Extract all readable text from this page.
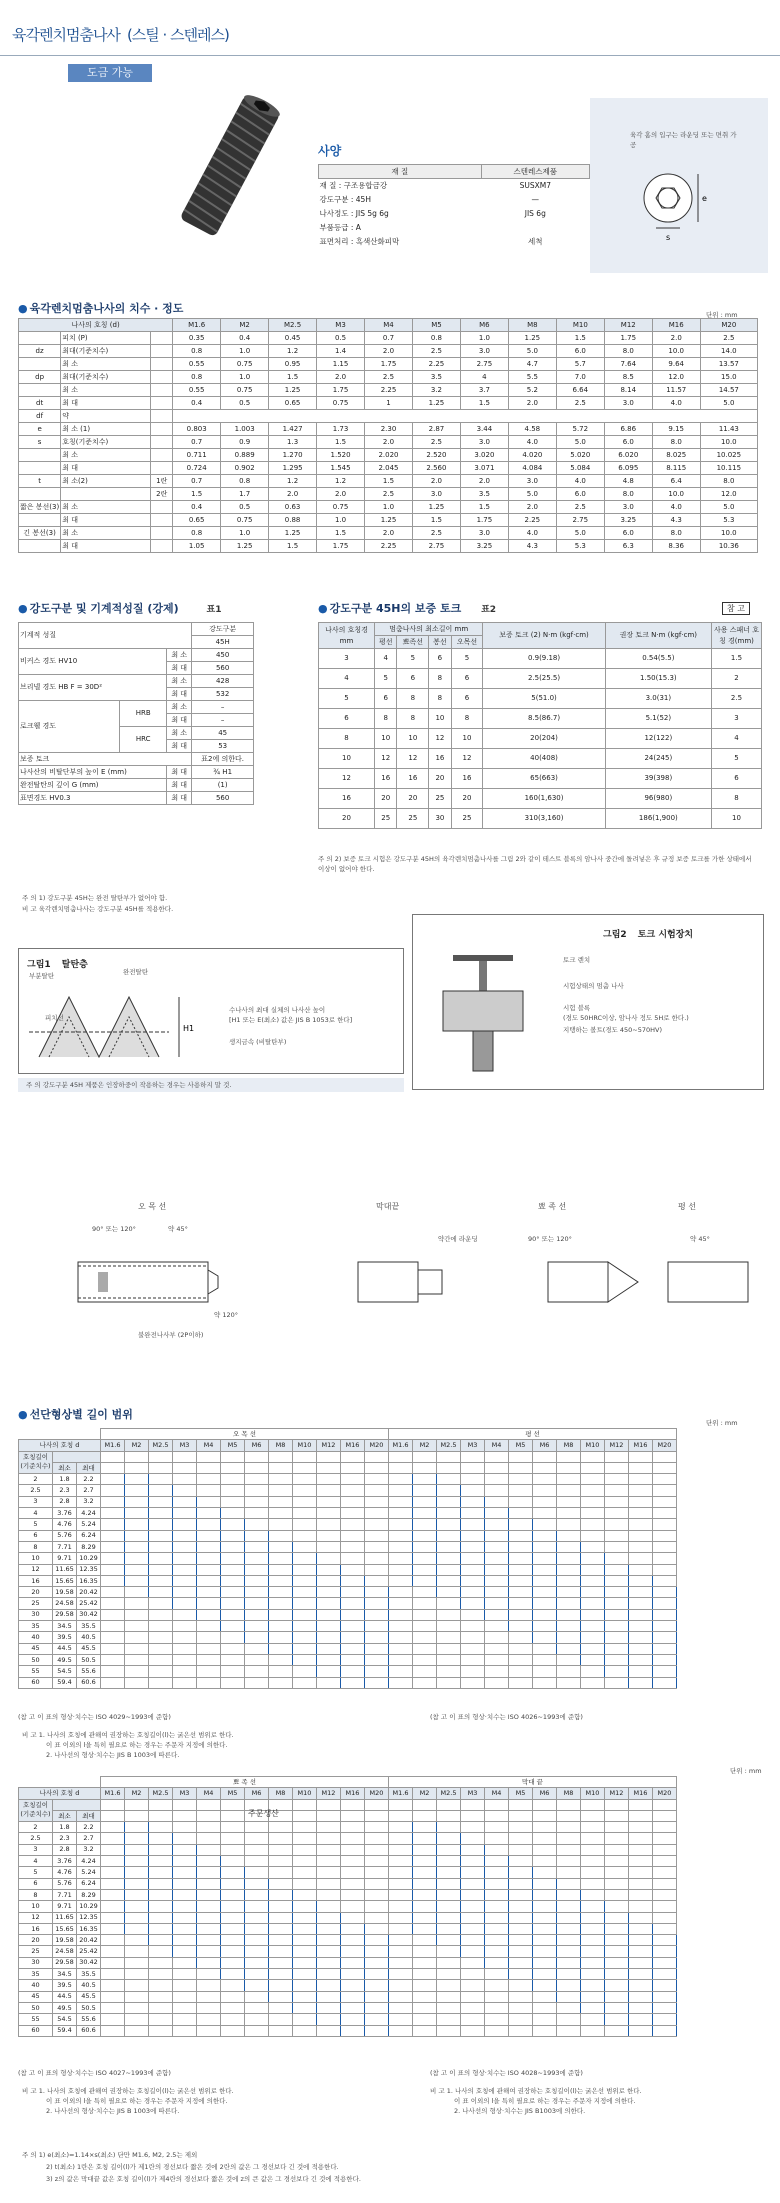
육각렌치멈춤나사 (스틸 · 스텐레스)
도금 가능
사양
재 질	스텐레스제품
재 질 : 구조용합금강	SUSXM7
강도구분 : 45H	—
나사정도 : JIS 5g 6g	JIS 6g
부품등급 : A	
표면처리 : 흑색산화피막	세척
육각 홈의 입구는 라운딩 또는 면취 가공
s
e
● 육각렌치멈춤나사의 치수 · 정도	단위 : mm
나사의 호칭 (d)			M1.6	M2	M2.5	M3	M4	M5	M6	M8	M10	M12	M16	M20
	피치 (P)		0.35	0.4	0.45	0.5	0.7	0.8	1.0	1.25	1.5	1.75	2.0	2.5
dz	최대(기준치수)		0.8	1.0	1.2	1.4	2.0	2.5	3.0	5.0	6.0	8.0	10.0	14.0
	최 소		0.55	0.75	0.95	1.15	1.75	2.25	2.75	4.7	5.7	7.64	9.64	13.57
dp	최대(기준치수)		0.8	1.0	1.5	2.0	2.5	3.5	4	5.5	7.0	8.5	12.0	15.0
	최 소		0.55	0.75	1.25	1.75	2.25	3.2	3.7	5.2	6.64	8.14	11.57	14.57
dt	최 대		0.4	0.5	0.65	0.75	1	1.25	1.5	2.0	2.5	3.0	4.0	5.0
df	약													
e	최 소 (1)		0.803	1.003	1.427	1.73	2.30	2.87	3.44	4.58	5.72	6.86	9.15	11.43
s	호칭(기준치수)		0.7	0.9	1.3	1.5	2.0	2.5	3.0	4.0	5.0	6.0	8.0	10.0
	최 소		0.711	0.889	1.270	1.520	2.020	2.520	3.020	4.020	5.020	6.020	8.025	10.025
	최 대		0.724	0.902	1.295	1.545	2.045	2.560	3.071	4.084	5.084	6.095	8.115	10.115
t	최 소(2)	1란	0.7	0.8	1.2	1.2	1.5	2.0	2.0	3.0	4.0	4.8	6.4	8.0
		2란	1.5	1.7	2.0	2.0	2.5	3.0	3.5	5.0	6.0	8.0	10.0	12.0
짧은 봉선(3)	최 소		0.4	0.5	0.63	0.75	1.0	1.25	1.5	2.0	2.5	3.0	4.0	5.0
	최 대		0.65	0.75	0.88	1.0	1.25	1.5	1.75	2.25	2.75	3.25	4.3	5.3
긴 봉선(3)	최 소		0.8	1.0	1.25	1.5	2.0	2.5	3.0	4.0	5.0	6.0	8.0	10.0
	최 대		1.05	1.25	1.5	1.75	2.25	2.75	3.25	4.3	5.3	6.3	8.36	10.36
● 강도구분 및 기계적성질 (강제)	표1
기계적 성질			강도구분
			45H
비커스 경도 HV10		최 소	450
		최 대	560
브리넬 경도 HB F = 30D²		최 소	428
		최 대	532
로크웰 경도	HRB	최 소	–
		최 대	–
	HRC	최 소	45
		최 대	53
보증 토크			표2에 의한다.
나사산의 비탈단부의 높이 E (mm)		최 대	¾ H1
완전탈탄의 깊이 G (mm)		최 대	(1)
표면경도 HV0.3		최 대	560
주 의 1) 강도구분 45H는 완전 탈탄부가 없어야 함.
비 고 육각렌치멈춤나사는 강도구분 45H를 적용한다.
● 강도구분 45H의 보증 토크 표2	참 고
나사의 호칭경 mm	멈춤나사의 최소길이 mm				보증 토크 (2) N·m (kgf·cm)	권장 토크 N·m (kgf·cm)	사용 스패너 호칭 경(mm)
	평선	뾰족선	봉선	오목선			
3	4	5	6	5	0.9(9.18)	0.54(5.5)	1.5
4	5	6	8	6	2.5(25.5)	1.50(15.3)	2
5	6	8	8	6	5(51.0)	3.0(31)	2.5
6	8	8	10	8	8.5(86.7)	5.1(52)	3
8	10	10	12	10	20(204)	12(122)	4
10	12	12	16	12	40(408)	24(245)	5
12	16	16	20	16	65(663)	39(398)	6
16	20	20	25	20	160(1,630)	96(980)	8
20	25	25	30	25	310(3,160)	186(1,900)	10
주 의 2) 보증 토크 시험은 강도구분 45H의 육각렌치멈춤나사를 그림 2와 같이 테스트 블록의 암나사 중간에 돌려넣은 후 규정 보증 토크를 가한 상태에서 이상이 없어야 한다.
그림1 탈탄층
H1
부분탈탄	완전탈탄
피치선
수나사의 최대 실체의 나사산 높이
[H1 또는 E(최소) 값은 JIS B 1053로 한다]
생지금속 (비탈탄부)
주 의 강도구분 45H 제품은 인장하중이 작용하는 경우는 사용하지 말 것.
그림2 토크 시험장치
토크 렌치
시험상태의 멈춤 나사
시험 블록
(경도 50HRC이상, 암나사 정도 5H로 한다.)
지탱하는 볼트(경도 450~570HV)
오 목 선	막대끝	뾰 족 선	평 선
90° 또는 120°	약 45°
약간에 라운딩	90° 또는 120°	약 45°
불완전나사부 (2P이하)
약 120°
● 선단형상별 길이 범위
단위 : mm
			오 목 선												평 선											
나사의 호칭 d			M1.6	M2	M2.5	M3	M4	M5	M6	M8	M10	M12	M16	M20	M1.6	M2	M2.5	M3	M4	M5	M6	M8	M10	M12	M16	M20
호칭길이 (기준치수)																										
	최소	최대																								
2	1.8	2.2																								
2.5	2.3	2.7																								
3	2.8	3.2																								
4	3.76	4.24																								
5	4.76	5.24																								
6	5.76	6.24																								
8	7.71	8.29																								
10	9.71	10.29																								
12	11.65	12.35																								
16	15.65	16.35																								
20	19.58	20.42																								
25	24.58	25.42																								
30	29.58	30.42																								
35	34.5	35.5																								
40	39.5	40.5																								
45	44.5	45.5																								
50	49.5	50.5																								
55	54.5	55.6																								
60	59.4	60.6																								
(참 고 이 표의 형상·치수는 ISO 4029~1993에 준함)	(참 고 이 표의 형상·치수는 ISO 4026~1993에 준함)
비 고 1. 나사의 호칭에 관해여 권장하는 호칭길이(l)는 굵은선 범위로 한다.
이 표 이외의 l을 특히 필요로 하는 경우는 주문자 지정에 의한다.
2. 나사선의 형상·치수는 JIS B 1003에 따른다.
단위 : mm
			뾰 족 선												막대 끝											
나사의 호칭 d			M1.6	M2	M2.5	M3	M4	M5	M6	M8	M10	M12	M16	M20	M1.6	M2	M2.5	M3	M4	M5	M6	M8	M10	M12	M16	M20
호칭길이 (기준치수)																										
	최소	최대																								
2	1.8	2.2																								
2.5	2.3	2.7																								
3	2.8	3.2																								
4	3.76	4.24																								
5	4.76	5.24																								
6	5.76	6.24																								
8	7.71	8.29																								
10	9.71	10.29																								
12	11.65	12.35																								
16	15.65	16.35																								
20	19.58	20.42																								
25	24.58	25.42																								
30	29.58	30.42																								
35	34.5	35.5																								
40	39.5	40.5																								
45	44.5	45.5																								
50	49.5	50.5																								
55	54.5	55.6																								
60	59.4	60.6																								
주문생산
(참 고 이 표의 형상·치수는 ISO 4027~1993에 준함)	(참 고 이 표의 형상·치수는 ISO 4028~1993에 준함)
비 고 1. 나사의 호칭에 관해여 권장하는 호칭길이(l)는 굵은선 범위로 한다.
이 표 이외의 l을 특히 필요로 하는 경우는 주문자 지정에 의한다.
2. 나사선의 형상·치수는 JIS B 1003에 따른다.
비 고 1. 나사의 호칭에 관해여 권장하는 호칭길이(l)는 굵은선 범위로 한다.
이 표 이외의 l을 특히 필요로 하는 경우는 주문자 지정에 의한다.
2. 나사선의 형상·치수는 JIS B1003에 의한다.
주 의 1) e(최소)=1.14×s(최소) 단만 M1.6, M2, 2.5는 제외
2) t(최소) 1란은 호칭 길이(l)가 제1란의 경선보다 짧은 것에 2란의 값은 그 경선보다 긴 것에 적용한다.
3) z의 값은 막대끝 값은 호칭 길이(l)가 제4란의 경선보다 짧은 것에 z의 큰 값은 그 경선보다 긴 것에 적용한다.
